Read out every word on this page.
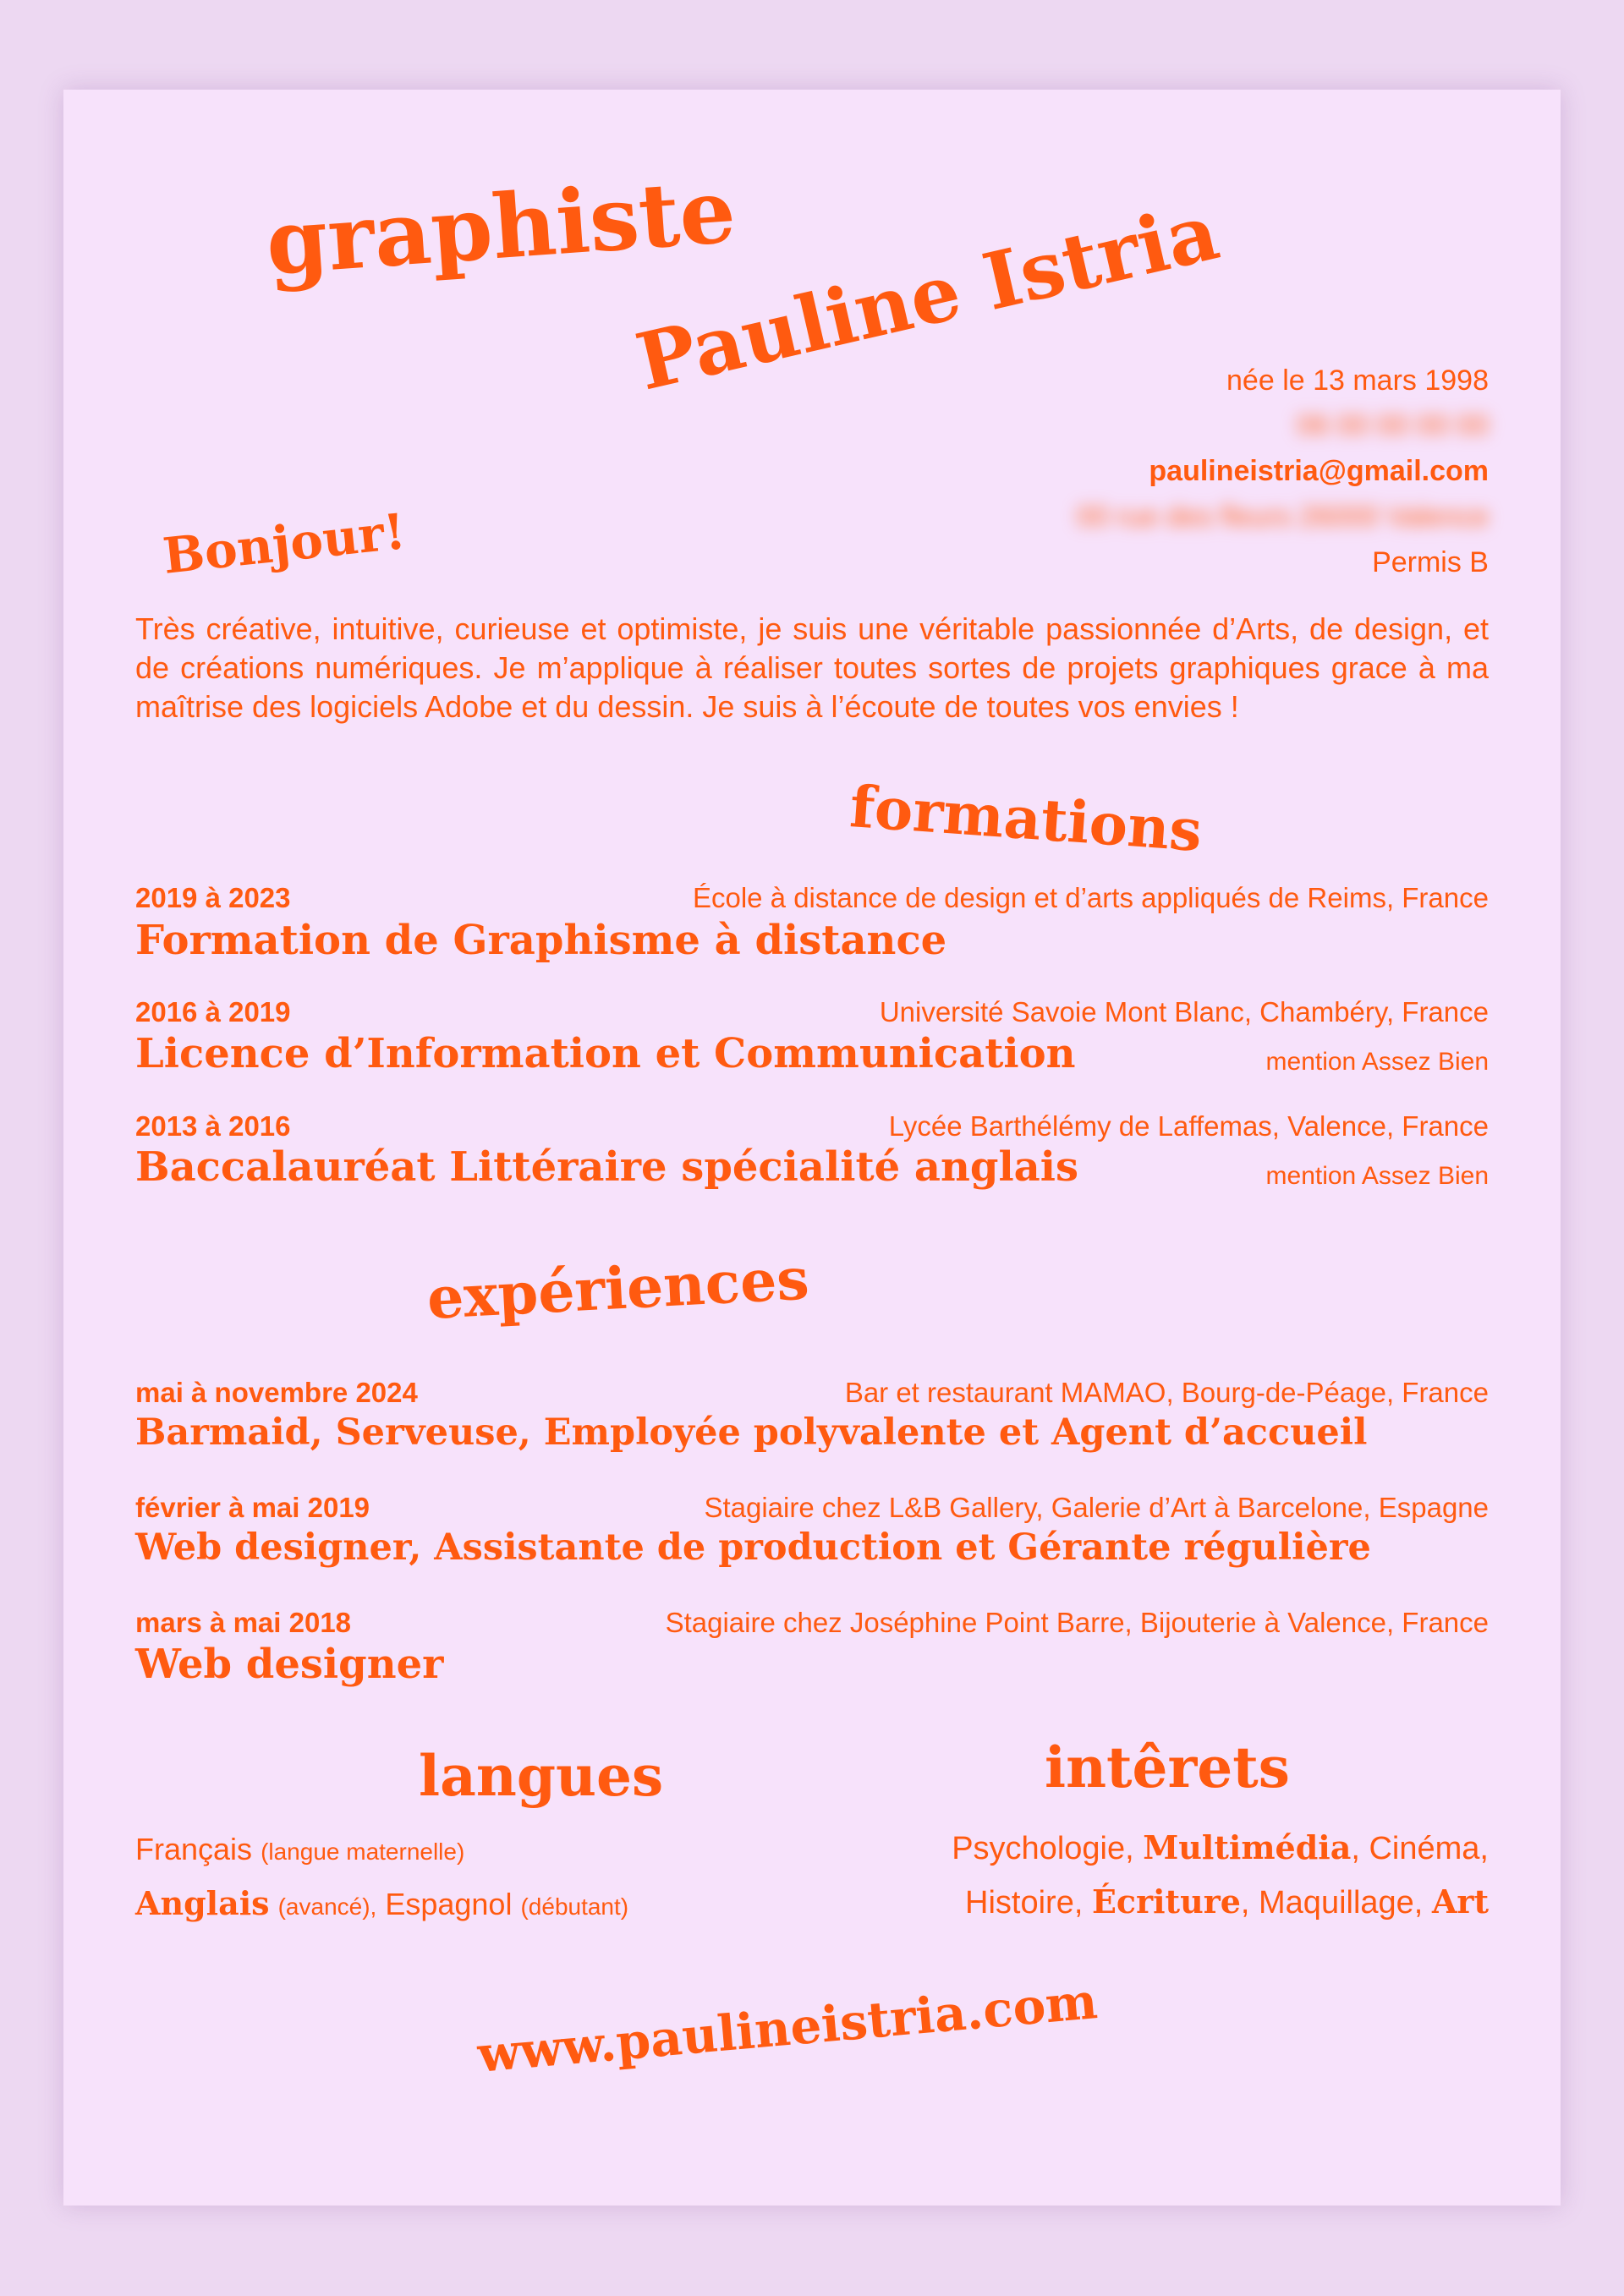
graphiste
Pauline Istria née le 13 mars 1998
06 00 00 00 00
paulineistria@gmail.com
00 rue des fleurs 26000 Valence
Permis B
Bonjour!
Très créative, intuitive, curieuse et optimiste, je suis une véritable passionnée d’Arts, de design, et de créations numériques. Je m’applique à réaliser toutes sortes de projets graphiques grace à ma maîtrise des logiciels Adobe et du dessin. Je suis à l’écoute de toutes vos envies !
formations
2019 à 2023	École à distance de design et d’arts appliqués de Reims, France
Formation de Graphisme à distance
2016 à 2019	Université Savoie Mont Blanc, Chambéry, France
Licence d’Information et Communication	mention Assez Bien
2013 à 2016	Lycée Barthélémy de Laffemas, Valence, France
Baccalauréat Littéraire spécialité anglais	mention Assez Bien
expériences
mai à novembre 2024	Bar et restaurant MAMAO, Bourg-de-Péage, France
Barmaid, Serveuse, Employée polyvalente et Agent d’accueil
février à mai 2019	Stagiaire chez L&B Gallery, Galerie d’Art à Barcelone, Espagne
Web designer, Assistante de production et Gérante régulière
mars à mai 2018	Stagiaire chez Joséphine Point Barre, Bijouterie à Valence, France
Web designer
langues
Français (langue maternelle)
Anglais (avancé), Espagnol (débutant)
intêrets
Psychologie, Multimédia, Cinéma,
Histoire, Écriture, Maquillage, Art
www.paulineistria.com
